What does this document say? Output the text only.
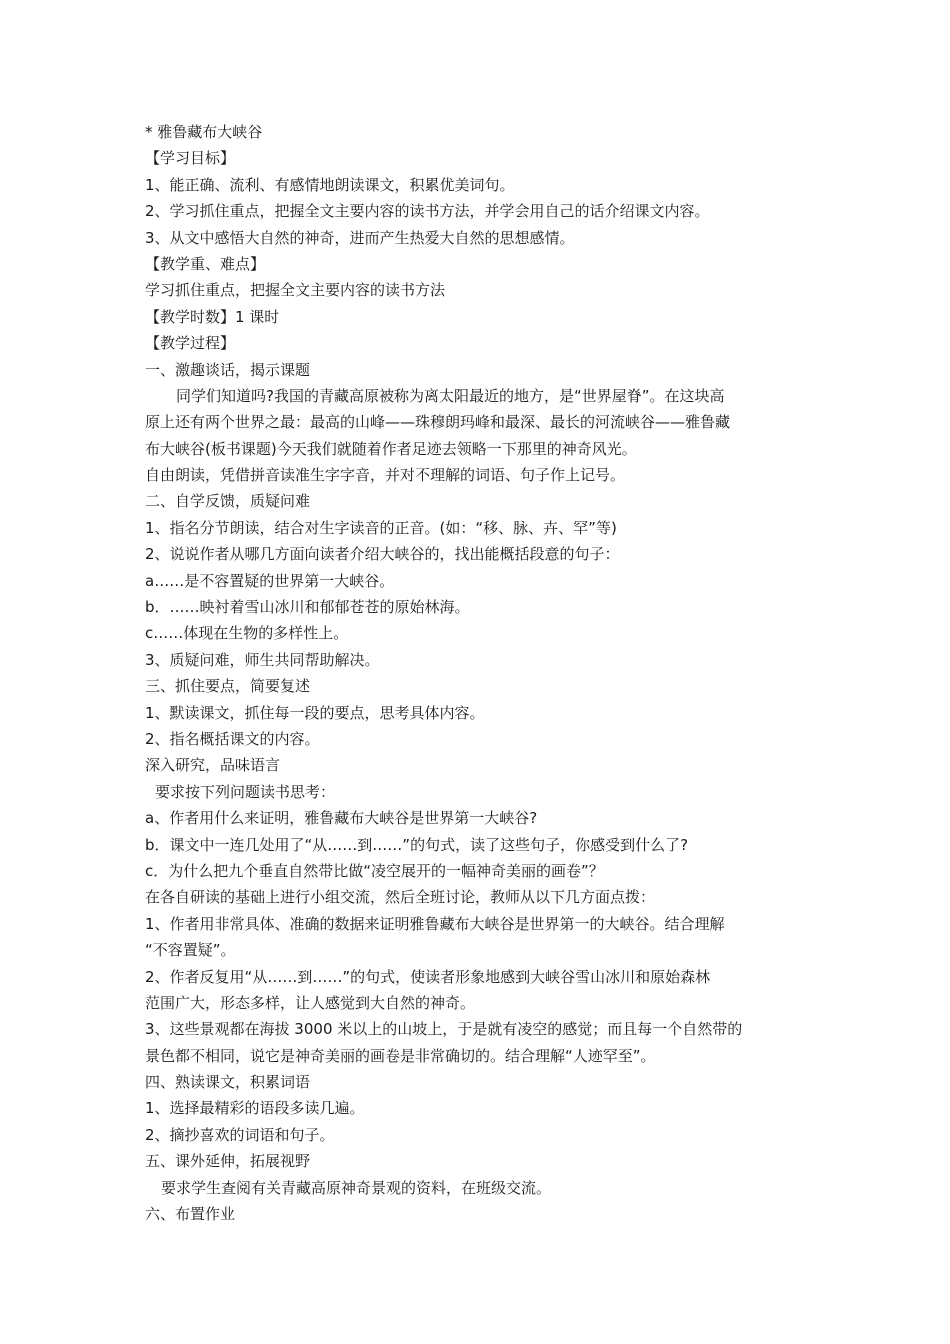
* 雅鲁藏布大峡谷
【学习目标】
1、能正确、流利、有感情地朗读课文，积累优美词句。
2、学习抓住重点，把握全文主要内容的读书方法，并学会用自己的话介绍课文内容。
3、从文中感悟大自然的神奇，进而产生热爱大自然的思想感情。
【教学重、难点】
学习抓住重点，把握全文主要内容的读书方法
【教学时数】1 课时
【教学过程】
一、激趣谈话，揭示课题
同学们知道吗?我国的青藏高原被称为离太阳最近的地方，是“世界屋脊”。在这块高
原上还有两个世界之最：最高的山峰——珠穆朗玛峰和最深、最长的河流峡谷——雅鲁藏
布大峡谷(板书课题)今天我们就随着作者足迹去领略一下那里的神奇风光。
自由朗读，凭借拼音读准生字字音，并对不理解的词语、句子作上记号。
二、自学反馈，质疑问难
1、指名分节朗读，结合对生字读音的正音。(如：“移、脉、卉、罕”等)
2、说说作者从哪几方面向读者介绍大峡谷的，找出能概括段意的句子：
a……是不容置疑的世界第一大峡谷。
b．……映衬着雪山冰川和郁郁苍苍的原始林海。
c……体现在生物的多样性上。
3、质疑问难，师生共同帮助解决。
三、抓住要点，简要复述
1、默读课文，抓住每一段的要点，思考具体内容。
2、指名概括课文的内容。
深入研究，品味语言
要求按下列问题读书思考：
a、作者用什么来证明，雅鲁藏布大峡谷是世界第一大峡谷?
b．课文中一连几处用了“从……到……”的句式，读了这些句子，你感受到什么了?
c．为什么把九个垂直自然带比做“凌空展开的一幅神奇美丽的画卷”？
在各自研读的基础上进行小组交流，然后全班讨论，教师从以下几方面点拨：
1、作者用非常具体、准确的数据来证明雅鲁藏布大峡谷是世界第一的大峡谷。结合理解
“不容置疑”。
2、作者反复用“从……到……”的句式，使读者形象地感到大峡谷雪山冰川和原始森林
范围广大，形态多样，让人感觉到大自然的神奇。
3、这些景观都在海拔 3000 米以上的山坡上，于是就有凌空的感觉；而且每一个自然带的
景色都不相同，说它是神奇美丽的画卷是非常确切的。结合理解“人迹罕至”。
四、熟读课文，积累词语
1、选择最精彩的语段多读几遍。
2、摘抄喜欢的词语和句子。
五、课外延伸，拓展视野
要求学生查阅有关青藏高原神奇景观的资料，在班级交流。
六、布置作业
